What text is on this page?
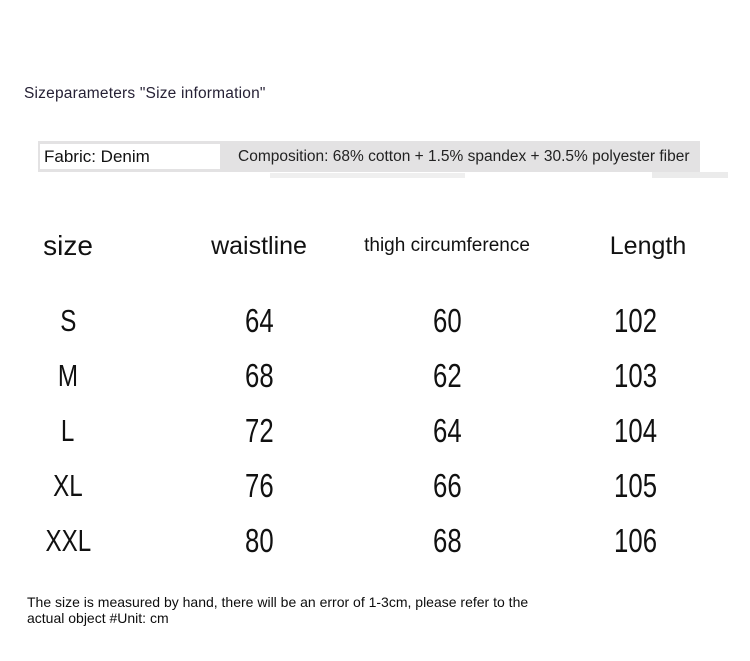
Sizeparameters "Size information"
Fabric: Denim	Composition: 68% cotton + 1.5% spandex + 30.5% polyester fiber
size	waistline	thigh circumference	Length
S	64	60	102
M	68	62	103
L	72	64	104
XL	76	66	105
XXL	80	68	106
The size is measured by hand, there will be an error of 1-3cm, please refer to the
actual object #Unit: cm
